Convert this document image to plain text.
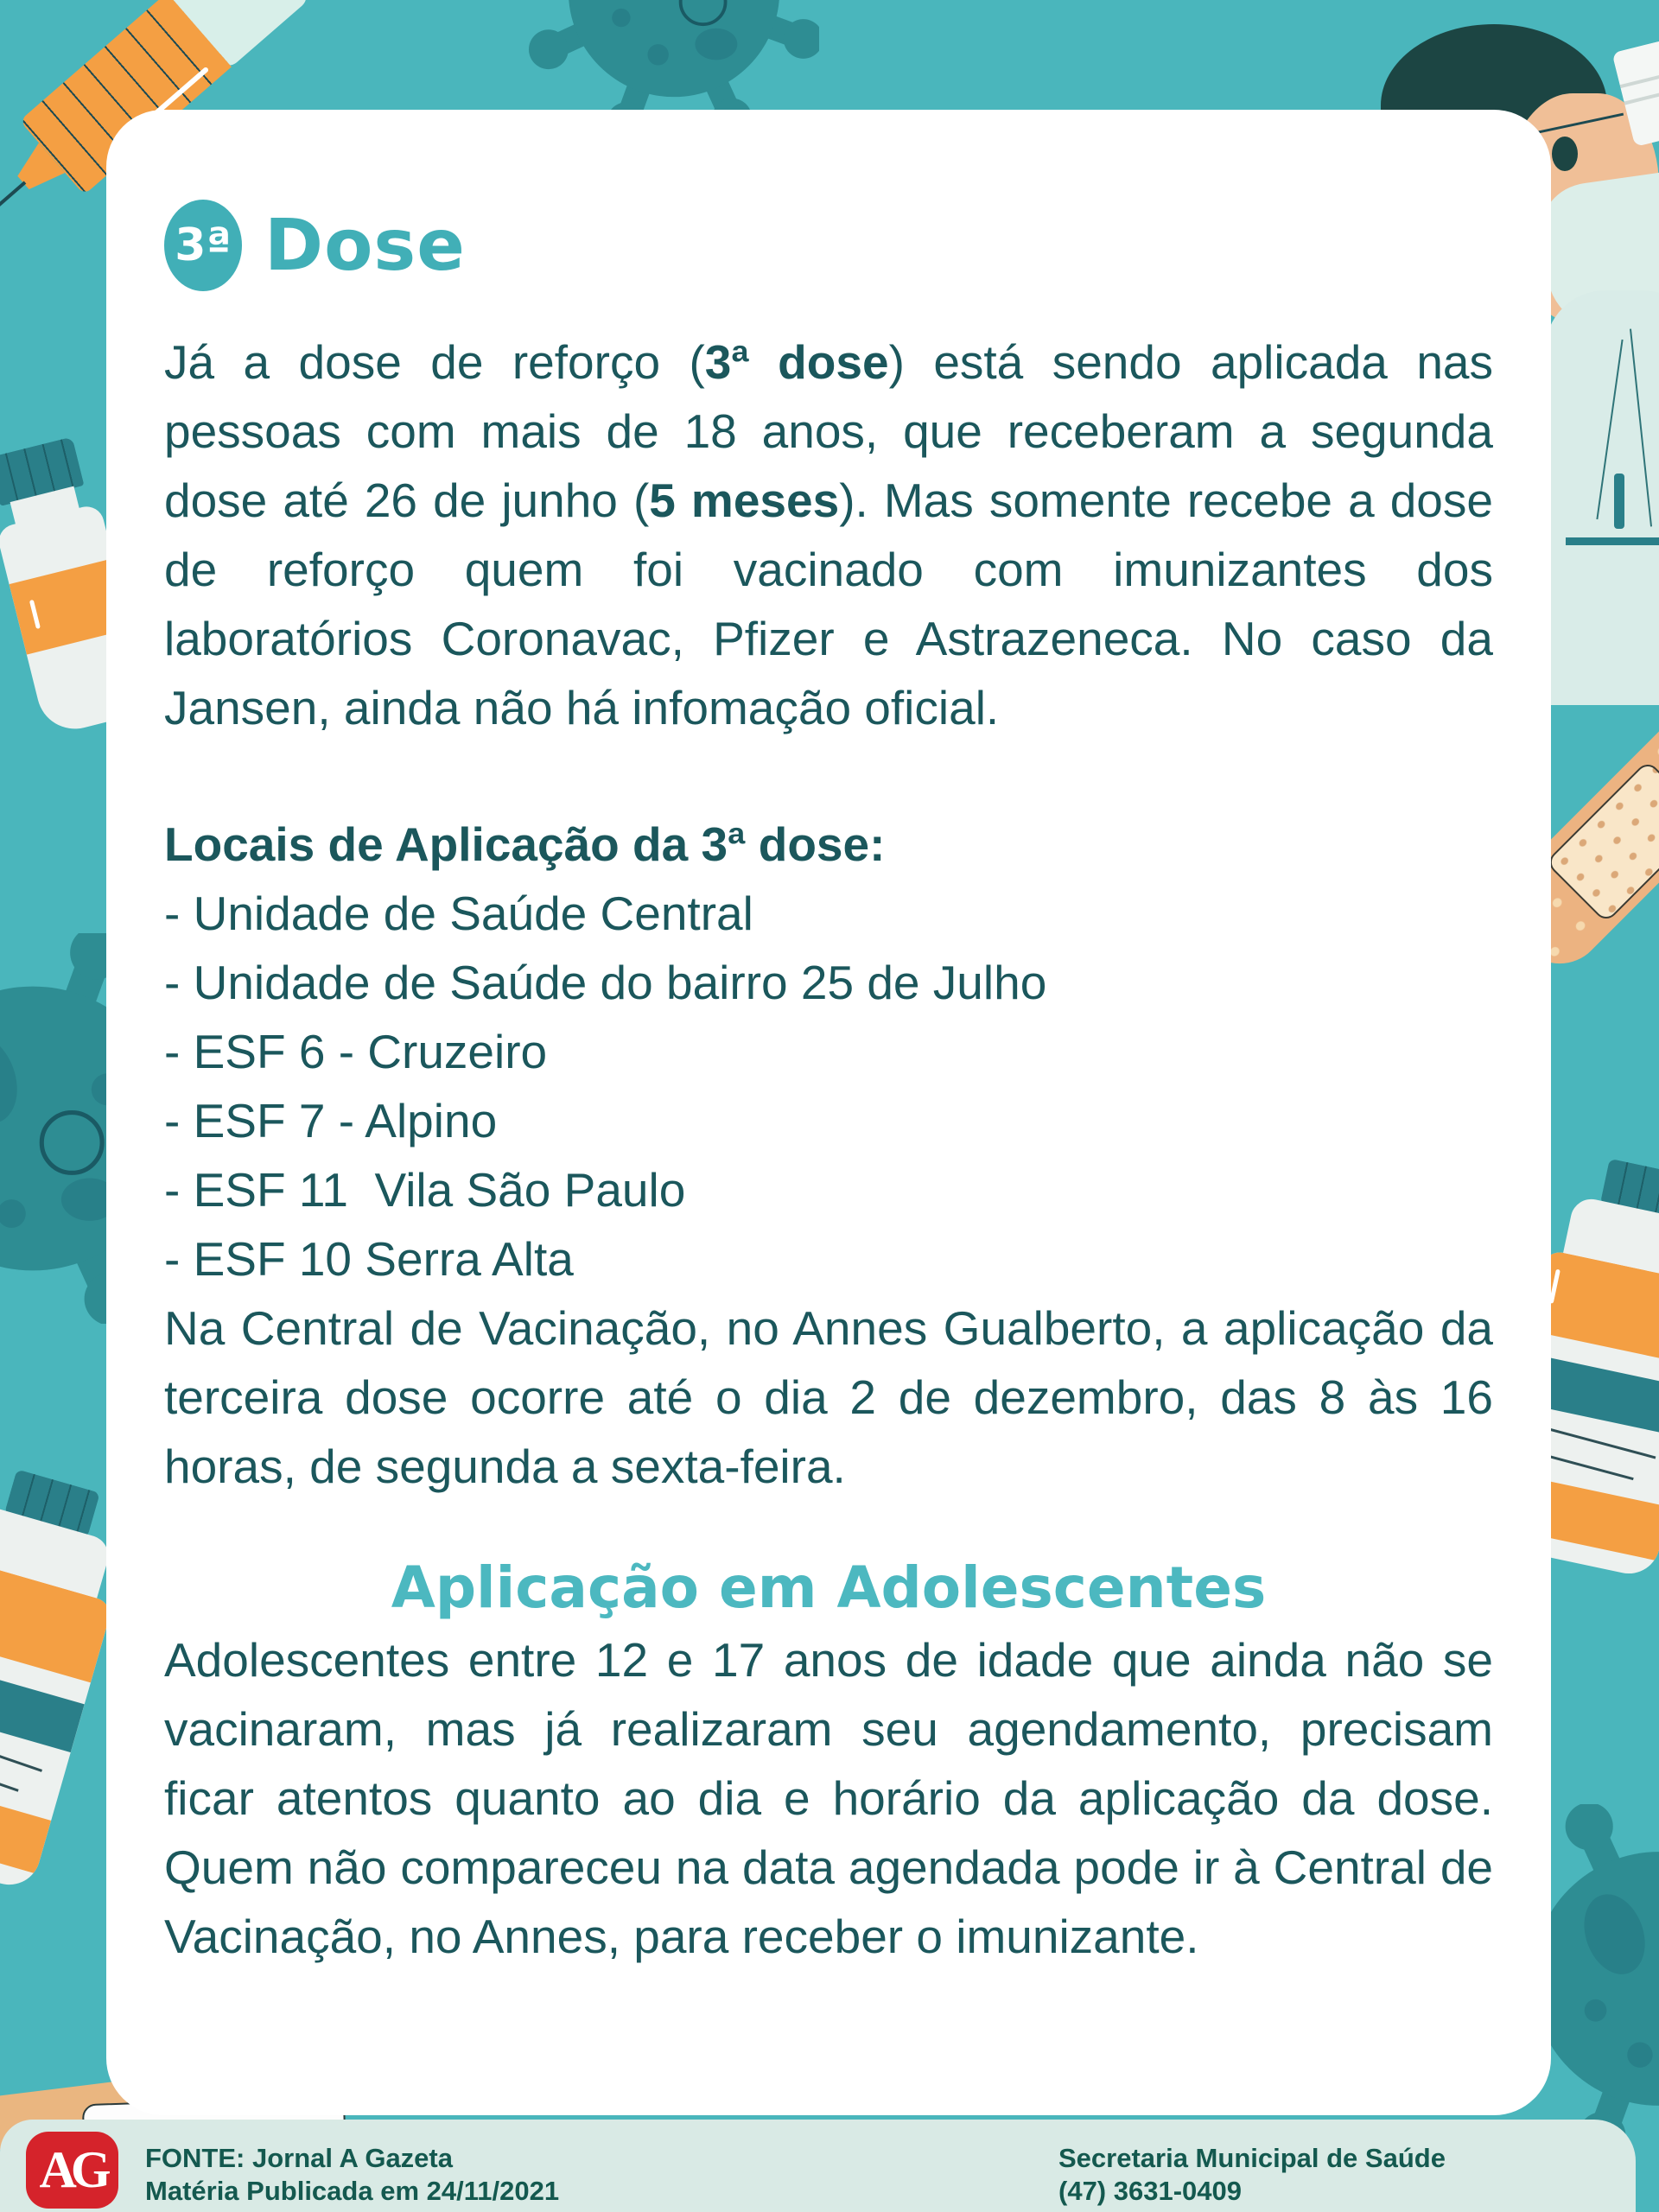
3ª Dose

Já a dose de reforço (3ª dose) está sendo aplicada nas pessoas com mais de 18 anos, que receberam a segunda dose até 26 de junho (5 meses). Mas somente recebe a dose de reforço quem foi vacinado com imunizantes dos laboratórios Coronavac, Pfizer e Astrazeneca. No caso da Jansen, ainda não há infomação oficial.

Locais de Aplicação da 3ª dose:
- Unidade de Saúde Central
- Unidade de Saúde do bairro 25 de Julho
- ESF 6 - Cruzeiro
- ESF 7 - Alpino
- ESF 11  Vila São Paulo
- ESF 10 Serra Alta

Na Central de Vacinação, no Annes Gualberto, a aplicação da terceira dose ocorre até o dia 2 de dezembro, das 8 às 16 horas, de segunda a sexta-feira.

Aplicação em Adolescentes

Adolescentes entre 12 e 17 anos de idade que ainda não se vacinaram, mas já realizaram seu agendamento, precisam ficar atentos quanto ao dia e horário da aplicação da dose. Quem não compareceu na data agendada pode ir à Central de Vacinação, no Annes, para receber o imunizante.

AG FONTE: Jornal A Gazeta
Matéria Publicada em 24/11/2021
Secretaria Municipal de Saúde
(47) 3631-0409
